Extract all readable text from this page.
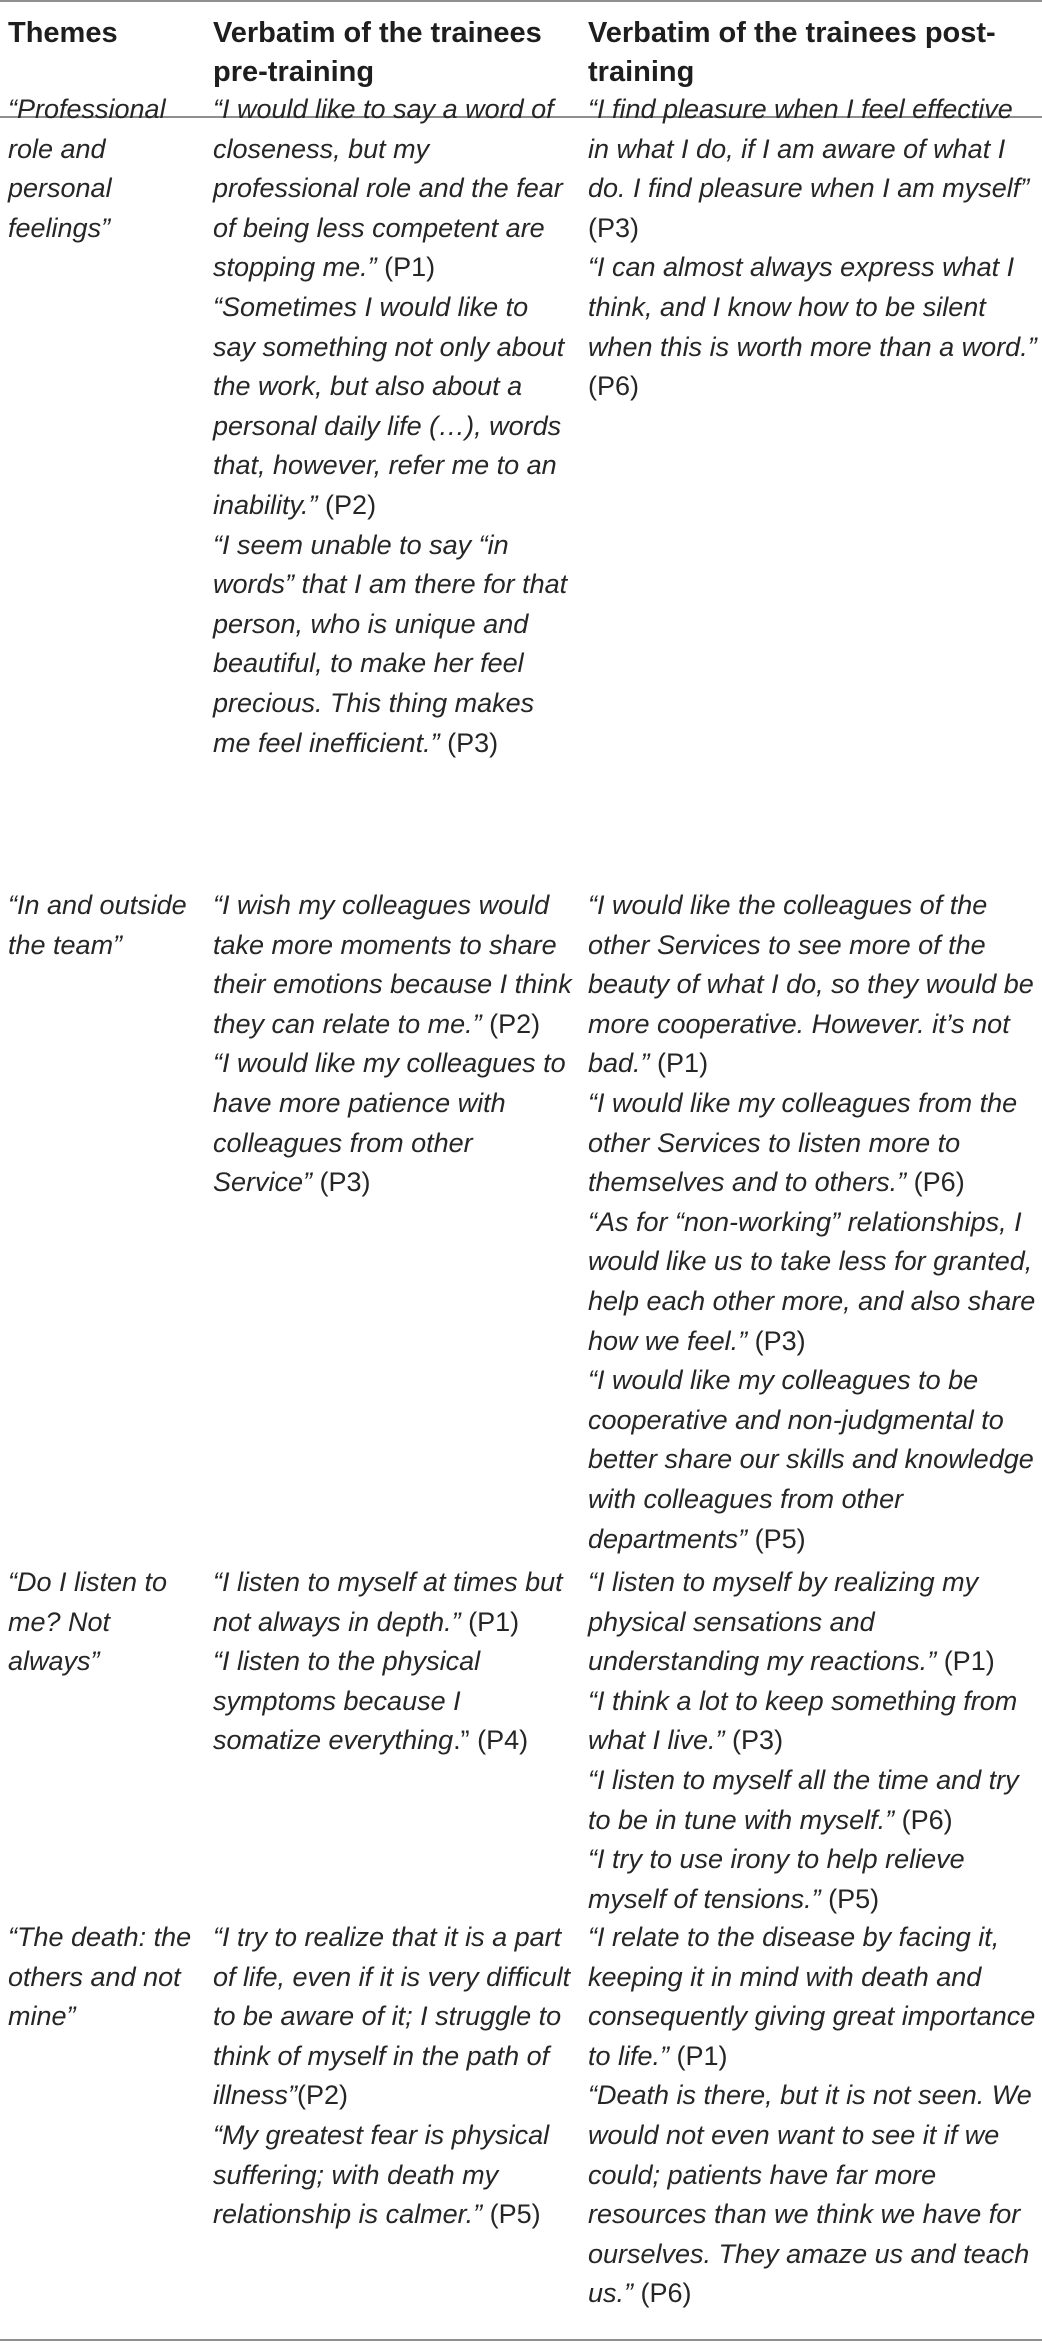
Themes	Verbatim of the trainees pre-training
Verbatim of the trainees post-training
“Professional role and personal feelings”
“I would like to say a word of closeness, but my professional role and the fear of being less competent are stopping me.” (P1)
“Sometimes I would like to say something not only about the work, but also about a personal daily life (…), words that, however, refer me to an inability.” (P2)
“I seem unable to say “in words” that I am there for that person, who is unique and beautiful, to make her feel precious. This thing makes me feel inefficient.” (P3)
“I find pleasure when I feel effective in what I do, if I am aware of what I do. I find pleasure when I am myself” (P3)
“I can almost always express what I think, and I know how to be silent when this is worth more than a word.” (P6)
“In and outside the team”
“I wish my colleagues would take more moments to share their emotions because I think they can relate to me.” (P2)
“I would like my colleagues to have more patience with colleagues from other Service” (P3)
“I would like the colleagues of the other Services to see more of the beauty of what I do, so they would be more cooperative. However. it’s not bad.” (P1)
“I would like my colleagues from the other Services to listen more to themselves and to others.” (P6)
“As for “non-working” relationships, I would like us to take less for granted, help each other more, and also share how we feel.” (P3)
“I would like my colleagues to be cooperative and non-judgmental to better share our skills and knowledge with colleagues from other departments” (P5)
“Do I listen to me? Not always”
“I listen to myself at times but not always in depth.” (P1)
“I listen to the physical symptoms because I somatize everything.” (P4)
“I listen to myself by realizing my physical sensations and understanding my reactions.” (P1)
“I think a lot to keep something from what I live.” (P3)
“I listen to myself all the time and try to be in tune with myself.” (P6)
“I try to use irony to help relieve myself of tensions.” (P5)
“The death: the others and not mine”
“I try to realize that it is a part of life, even if it is very difficult to be aware of it; I struggle to think of myself in the path of illness”(P2)
“My greatest fear is physical suffering; with death my relationship is calmer.” (P5)
“I relate to the disease by facing it, keeping it in mind with death and consequently giving great importance to life.” (P1)
“Death is there, but it is not seen. We would not even want to see it if we could; patients have far more resources than we think we have for ourselves. They amaze us and teach us.” (P6)
